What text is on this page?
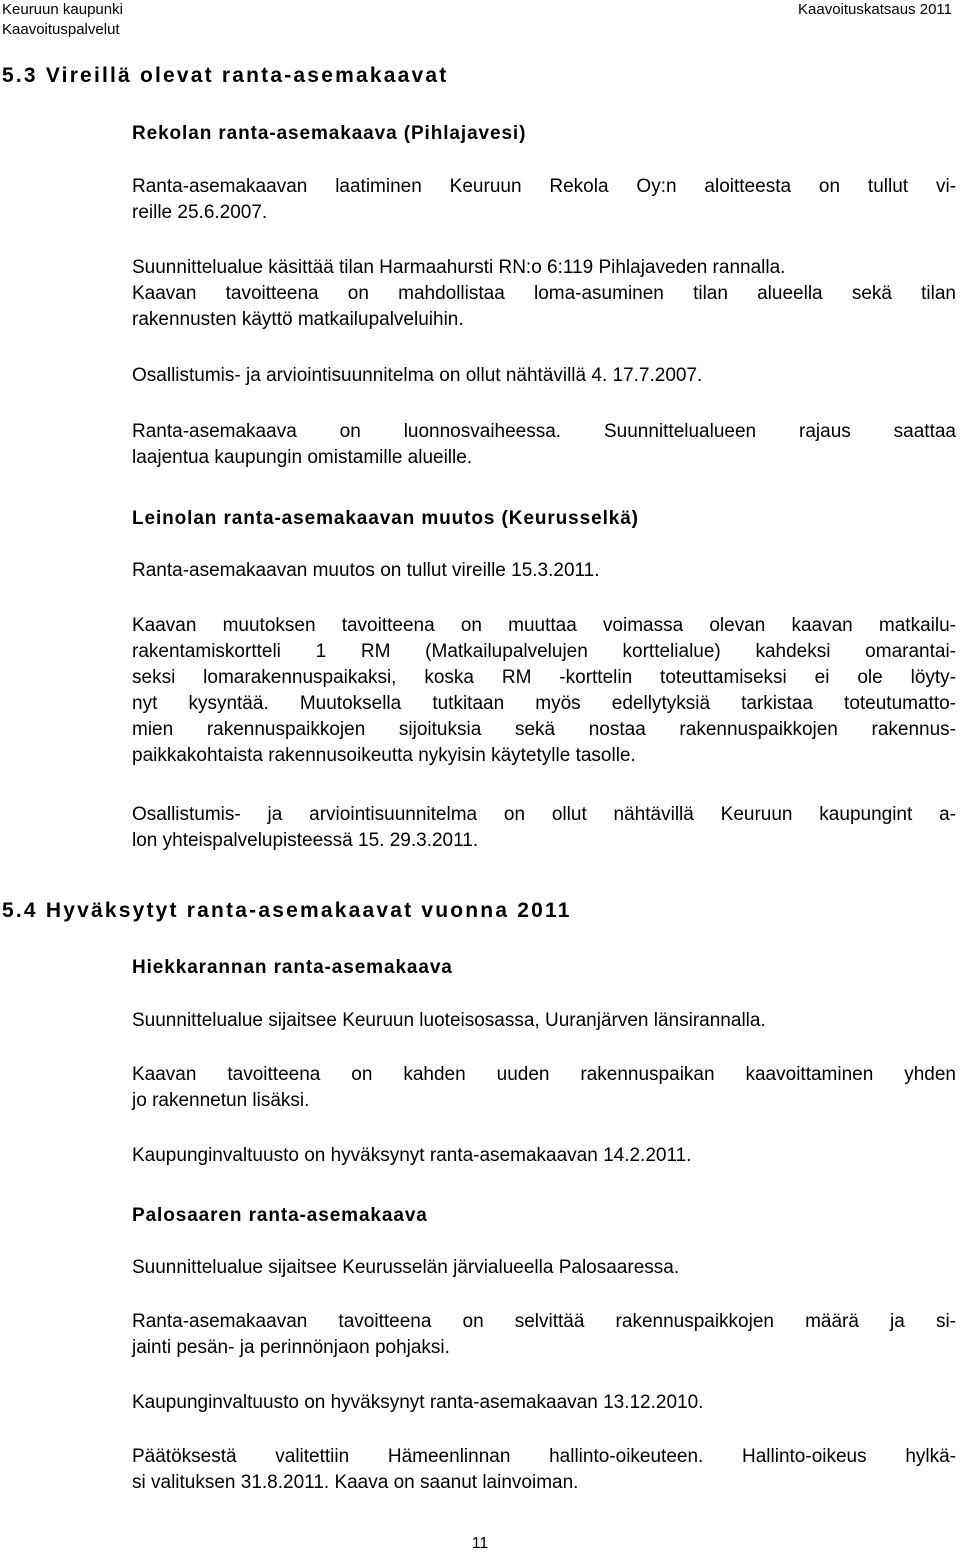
Keuruun kaupunki
Kaavoituspalvelut
Kaavoituskatsaus 2011
5.3 Vireillä olevat ranta-asemakaavat
Rekolan ranta-asemakaava (Pihlajavesi)
Ranta-asemakaavan laatiminen Keuruun Rekola Oy:n aloitteesta on tullut vi-
reille 25.6.2007.
Suunnittelualue käsittää tilan Harmaahursti RN:o 6:119 Pihlajaveden rannalla.
Kaavan tavoitteena on mahdollistaa loma-asuminen tilan alueella sekä tilan
rakennusten käyttö matkailupalveluihin.
Osallistumis- ja arviointisuunnitelma on ollut nähtävillä 4. 17.7.2007.
Ranta-asemakaava on luonnosvaiheessa. Suunnittelualueen rajaus saattaa
laajentua kaupungin omistamille alueille.
Leinolan ranta-asemakaavan muutos (Keurusselkä)
Ranta-asemakaavan muutos on tullut vireille 15.3.2011.
Kaavan muutoksen tavoitteena on muuttaa voimassa olevan kaavan matkailu-
rakentamiskortteli 1 RM (Matkailupalvelujen korttelialue) kahdeksi omarantai-
seksi lomarakennuspaikaksi, koska RM -korttelin toteuttamiseksi ei ole löyty-
nyt kysyntää. Muutoksella tutkitaan myös edellytyksiä tarkistaa toteutumatto-
mien rakennuspaikkojen sijoituksia sekä nostaa rakennuspaikkojen rakennus-
paikkakohtaista rakennusoikeutta nykyisin käytetylle tasolle.
Osallistumis- ja arviointisuunnitelma on ollut nähtävillä Keuruun kaupungint a-
lon yhteispalvelupisteessä 15. 29.3.2011.
5.4 Hyväksytyt ranta-asemakaavat vuonna 2011
Hiekkarannan ranta-asemakaava
Suunnittelualue sijaitsee Keuruun luoteisosassa, Uuranjärven länsirannalla.
Kaavan tavoitteena on kahden uuden rakennuspaikan kaavoittaminen yhden
jo rakennetun lisäksi.
Kaupunginvaltuusto on hyväksynyt ranta-asemakaavan 14.2.2011.
Palosaaren ranta-asemakaava
Suunnittelualue sijaitsee Keurusselän järvialueella Palosaaressa.
Ranta-asemakaavan tavoitteena on selvittää rakennuspaikkojen määrä ja si-
jainti pesän- ja perinnönjaon pohjaksi.
Kaupunginvaltuusto on hyväksynyt ranta-asemakaavan 13.12.2010.
Päätöksestä valitettiin Hämeenlinnan hallinto-oikeuteen. Hallinto-oikeus hylkä-
si valituksen 31.8.2011. Kaava on saanut lainvoiman.
11
